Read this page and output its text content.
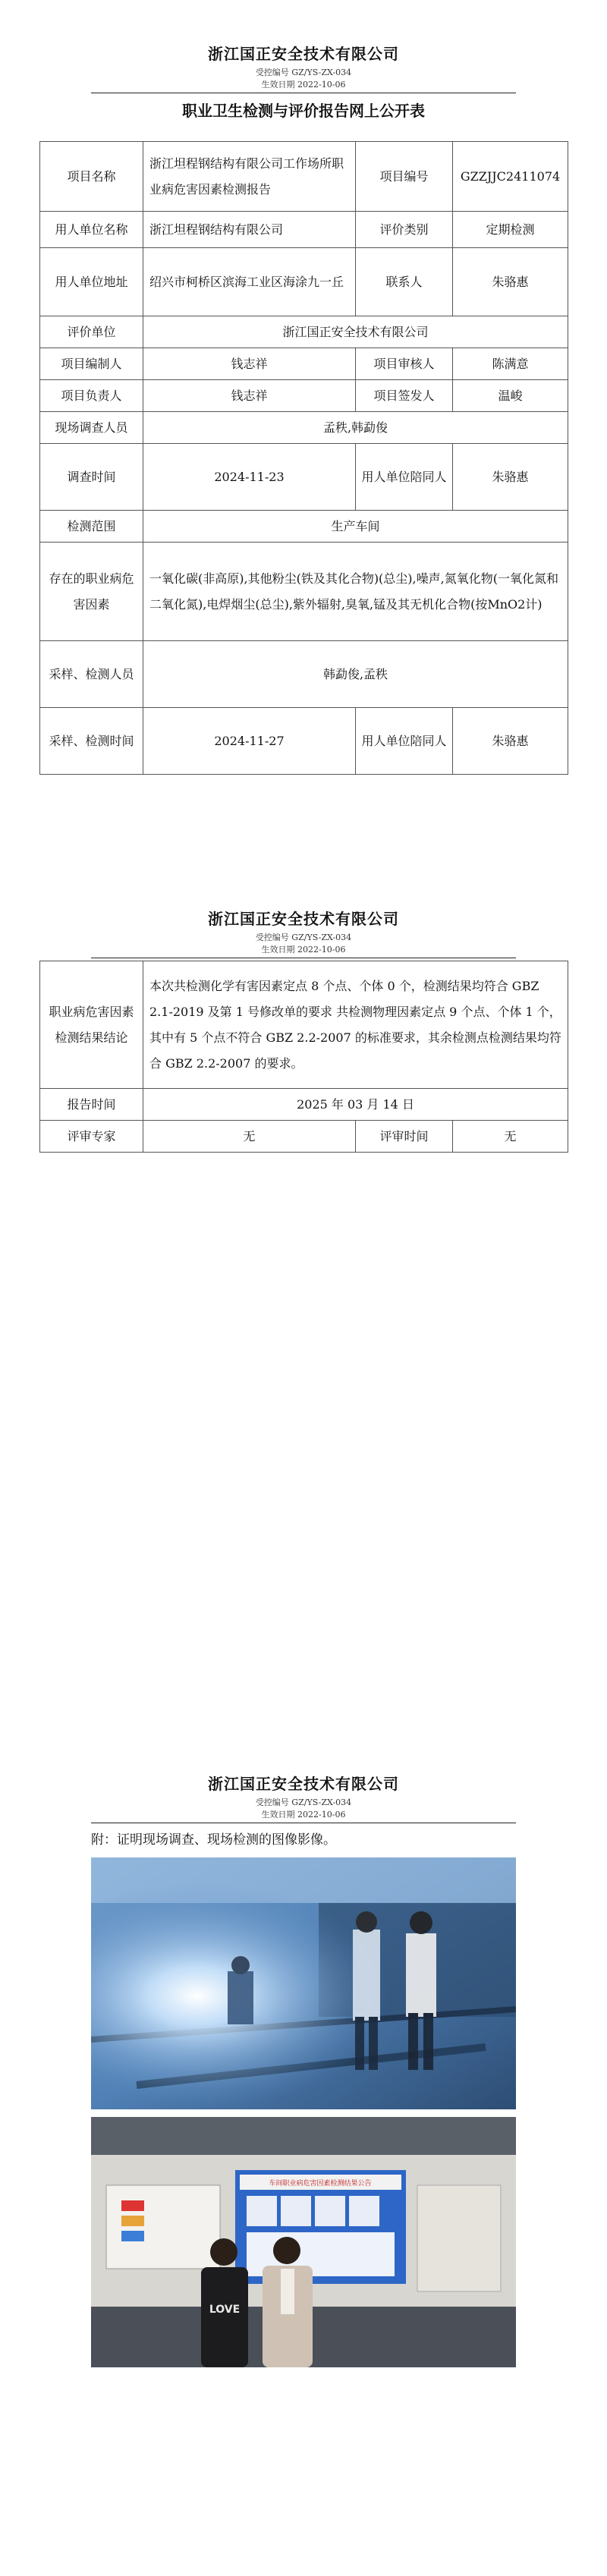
浙江国正安全技术有限公司
受控编号 GZ/YS-ZX-034
生效日期 2022-10-06
职业卫生检测与评价报告网上公开表
项目名称	浙江坦程钢结构有限公司工作场所职业病危害因素检测报告	项目编号	GZZJJC2411074
用人单位名称	浙江坦程钢结构有限公司	评价类别	定期检测
用人单位地址	绍兴市柯桥区滨海工业区海涂九一丘	联系人	朱骆惠
评价单位	浙江国正安全技术有限公司		
项目编制人	钱志祥	项目审核人	陈满意
项目负责人	钱志祥	项目签发人	温峻
现场调查人员	孟秩,韩勐俊		
调查时间	2024-11-23	用人单位陪同人	朱骆惠
检测范围	生产车间		
存在的职业病危害因素	一氧化碳(非高原),其他粉尘(铁及其化合物)(总尘),噪声,氮氧化物(一氧化氮和二氧化氮),电焊烟尘(总尘),紫外辐射,臭氧,锰及其无机化合物(按MnO2计)		
采样、检测人员	韩勐俊,孟秩		
采样、检测时间	2024-11-27	用人单位陪同人	朱骆惠
浙江国正安全技术有限公司
受控编号 GZ/YS-ZX-034
生效日期 2022-10-06
职业病危害因素检测结果结论	本次共检测化学有害因素定点 8 个点、个体 0 个，检测结果均符合 GBZ 2.1-2019 及第 1 号修改单的要求 共检测物理因素定点 9 个点、个体 1 个，其中有 5 个点不符合 GBZ 2.2-2007 的标准要求，其余检测点检测结果均符合 GBZ 2.2-2007 的要求。		
报告时间	2025 年 03 月 14 日		
评审专家	无	评审时间	无
浙江国正安全技术有限公司
受控编号 GZ/YS-ZX-034
生效日期 2022-10-06
附：证明现场调查、现场检测的图像影像。
车间职业病危害因素检测结果公告
LOVE
